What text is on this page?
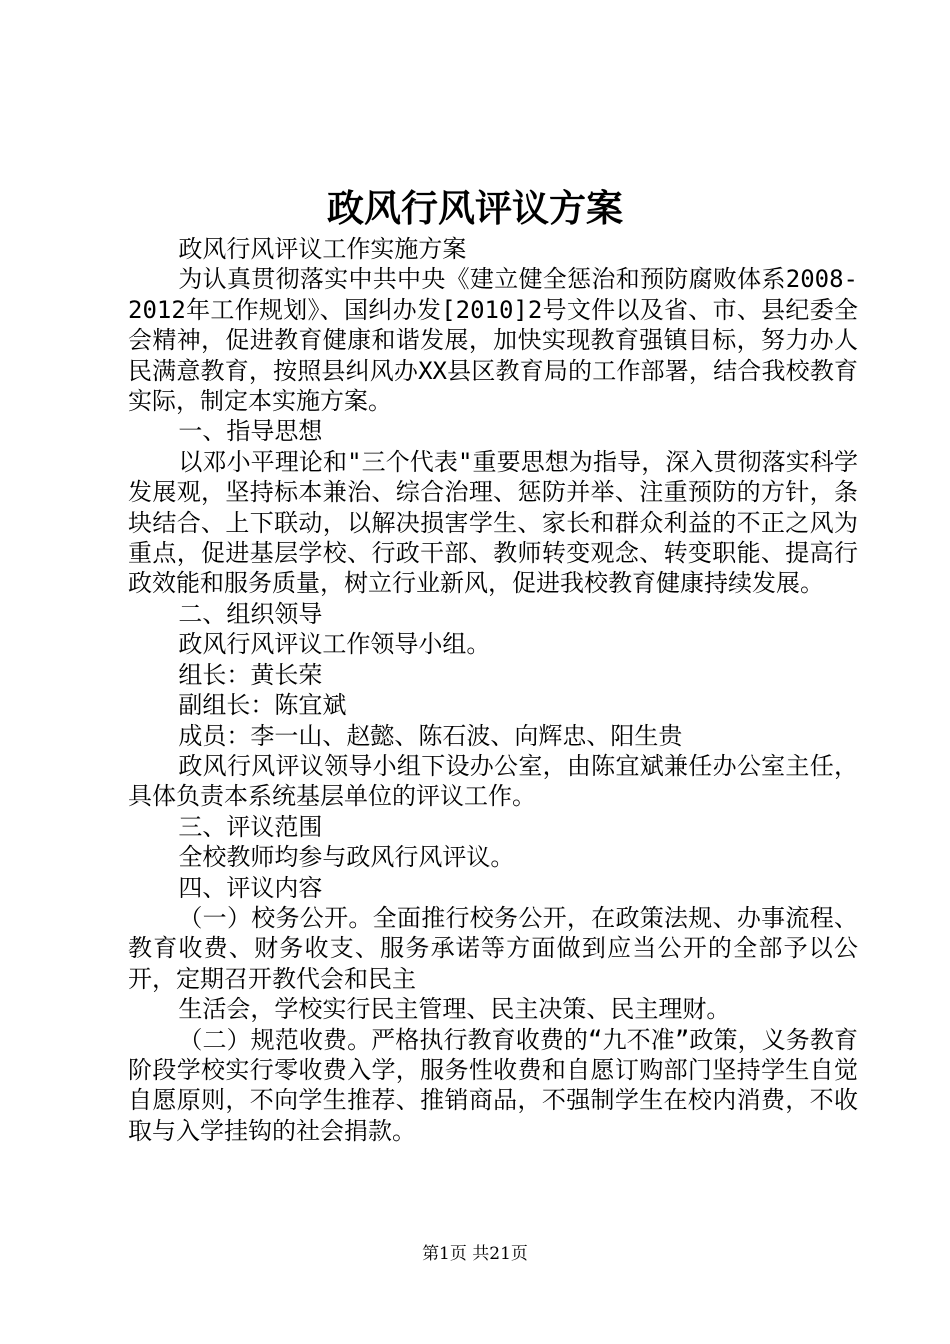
政风行风评议方案

政风行风评议工作实施方案

为认真贯彻落实中共中央《建立健全惩治和预防腐败体系2008-2012年工作规划》、国纠办发[2010]2号文件以及省、市、县纪委全会精神，促进教育健康和谐发展，加快实现教育强镇目标，努力办人民满意教育，按照县纠风办XX县区教育局的工作部署，结合我校教育实际，制定本实施方案。

一、指导思想

以邓小平理论和"三个代表"重要思想为指导，深入贯彻落实科学发展观，坚持标本兼治、综合治理、惩防并举、注重预防的方针，条块结合、上下联动，以解决损害学生、家长和群众利益的不正之风为重点，促进基层学校、行政干部、教师转变观念、转变职能、提高行政效能和服务质量，树立行业新风，促进我校教育健康持续发展。

二、组织领导

政风行风评议工作领导小组。

组长：黄长荣

副组长：陈宜斌

成员：李一山、赵懿、陈石波、向辉忠、阳生贵

政风行风评议领导小组下设办公室，由陈宜斌兼任办公室主任，具体负责本系统基层单位的评议工作。

三、评议范围

全校教师均参与政风行风评议。

四、评议内容

（一）校务公开。全面推行校务公开，在政策法规、办事流程、教育收费、财务收支、服务承诺等方面做到应当公开的全部予以公开，定期召开教代会和民主

生活会，学校实行民主管理、民主决策、民主理财。

（二）规范收费。严格执行教育收费的“九不准”政策，义务教育阶段学校实行零收费入学，服务性收费和自愿订购部门坚持学生自觉自愿原则，不向学生推荐、推销商品，不强制学生在校内消费，不收取与入学挂钩的社会捐款。

第1页 共21页
